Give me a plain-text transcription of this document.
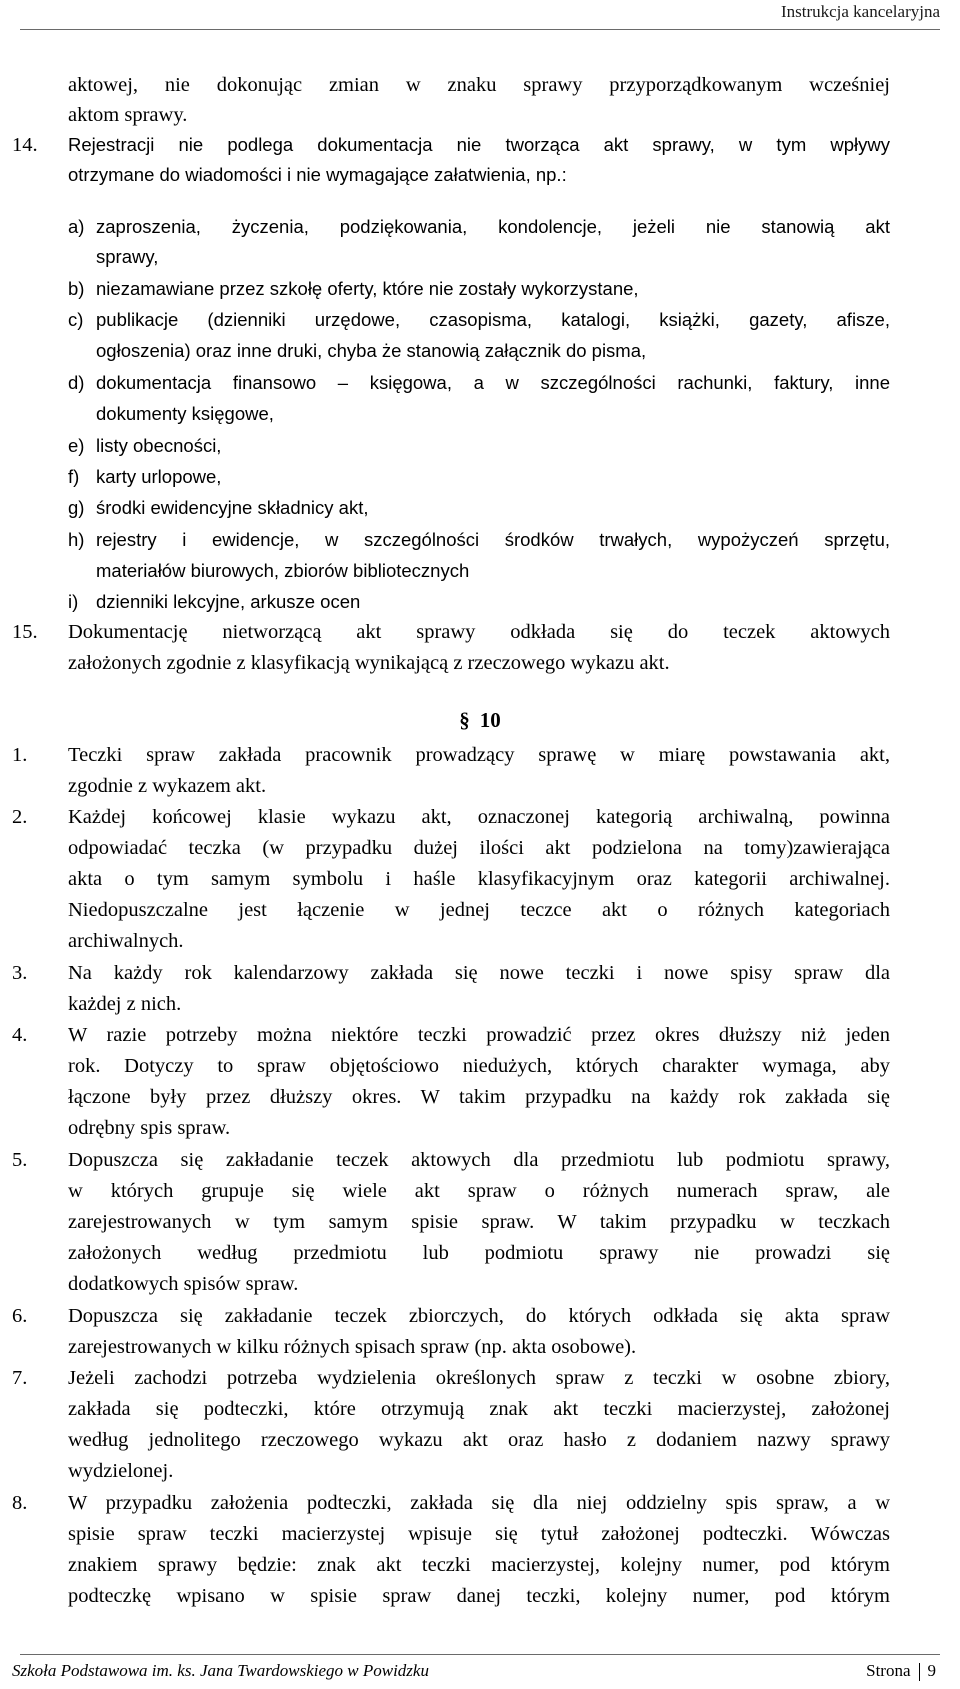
Instrukcja kancelaryjna
aktowej, nie dokonując zmian w znaku sprawy przyporządkowanym wcześniej
aktom sprawy.
14.	Rejestracji nie podlega dokumentacja nie tworząca akt sprawy, w tym wpływy
otrzymane do wiadomości i nie wymagające załatwienia, np.:
a) zaproszenia, życzenia, podziękowania, kondolencje, jeżeli nie stanowią akt
sprawy,
b) niezamawiane przez szkołę oferty, które nie zostały wykorzystane,
c) publikacje (dzienniki urzędowe, czasopisma, katalogi, książki, gazety, afisze,
ogłoszenia) oraz inne druki, chyba że stanowią załącznik do pisma,
d) dokumentacja finansowo – księgowa, a w szczególności rachunki, faktury, inne
dokumenty księgowe,
e) listy obecności,
f) karty urlopowe,
g) środki ewidencyjne składnicy akt,
h) rejestry i ewidencje, w szczególności środków trwałych, wypożyczeń sprzętu,
materiałów biurowych, zbiorów bibliotecznych
i) dzienniki lekcyjne, arkusze ocen
15.	Dokumentację nietworzącą akt sprawy odkłada się do teczek aktowych
założonych zgodnie z klasyfikacją wynikającą z rzeczowego wykazu akt.
§ 10
1.	Teczki spraw zakłada pracownik prowadzący sprawę w miarę powstawania akt,
zgodnie z wykazem akt.
2.	Każdej końcowej klasie wykazu akt, oznaczonej kategorią archiwalną, powinna
odpowiadać teczka (w przypadku dużej ilości akt podzielona na tomy)zawierająca
akta o tym samym symbolu i haśle klasyfikacyjnym oraz kategorii archiwalnej.
Niedopuszczalne jest łączenie w jednej teczce akt o różnych kategoriach
archiwalnych.
3.	Na każdy rok kalendarzowy zakłada się nowe teczki i nowe spisy spraw dla
każdej z nich.
4.	W razie potrzeby można niektóre teczki prowadzić przez okres dłuższy niż jeden
rok. Dotyczy to spraw objętościowo niedużych, których charakter wymaga, aby
łączone były przez dłuższy okres. W takim przypadku na każdy rok zakłada się
odrębny spis spraw.
5.	Dopuszcza się zakładanie teczek aktowych dla przedmiotu lub podmiotu sprawy,
w których grupuje się wiele akt spraw o różnych numerach spraw, ale
zarejestrowanych w tym samym spisie spraw. W takim przypadku w teczkach
założonych według przedmiotu lub podmiotu sprawy nie prowadzi się
dodatkowych spisów spraw.
6.	Dopuszcza się zakładanie teczek zbiorczych, do których odkłada się akta spraw
zarejestrowanych w kilku różnych spisach spraw (np. akta osobowe).
7.	Jeżeli zachodzi potrzeba wydzielenia określonych spraw z teczki w osobne zbiory,
zakłada się podteczki, które otrzymują znak akt teczki macierzystej, założonej
według jednolitego rzeczowego wykazu akt oraz hasło z dodaniem nazwy sprawy
wydzielonej.
8.	W przypadku założenia podteczki, zakłada się dla niej oddzielny spis spraw, a w
spisie spraw teczki macierzystej wpisuje się tytuł założonej podteczki. Wówczas
znakiem sprawy będzie: znak akt teczki macierzystej, kolejny numer, pod którym
podteczkę wpisano w spisie spraw danej teczki, kolejny numer, pod którym
Szkoła Podstawowa im. ks. Jana Twardowskiego w Powidzku	Strona 9
